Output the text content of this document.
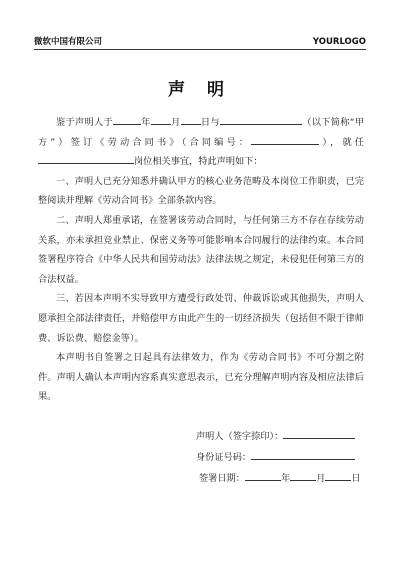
微软中国有限公司	YOURLOGO
声 明

鉴于声明人于	年 月 日与	（以下简称“甲方”）签订《劳动合同书》（合同编号：	），就任岗位相关事宜，特此声明如下：

一、声明人已充分知悉并确认甲方的核心业务范畴及本岗位工作职责，已完整阅读并理解《劳动合同书》全部条款内容。

二、声明人郑重承诺，在签署该劳动合同时，与任何第三方不存在存续劳动关系，亦未承担竞业禁止、保密义务等可能影响本合同履行的法律约束。本合同签署程序符合《中华人民共和国劳动法》法律法规之规定，未侵犯任何第三方的合法权益。

三、若因本声明不实导致甲方遭受行政处罚、仲裁诉讼或其他损失，声明人愿承担全部法律责任，并赔偿甲方由此产生的一切经济损失（包括但不限于律师费、诉讼费、赔偿金等）。

本声明书自签署之日起具有法律效力，作为《劳动合同书》不可分割之附件。声明人确认本声明内容系真实意思表示，已充分理解声明内容及相应法律后果。

声明人（签字捺印）：
身份证号码：
签署日期：	年	月	日
